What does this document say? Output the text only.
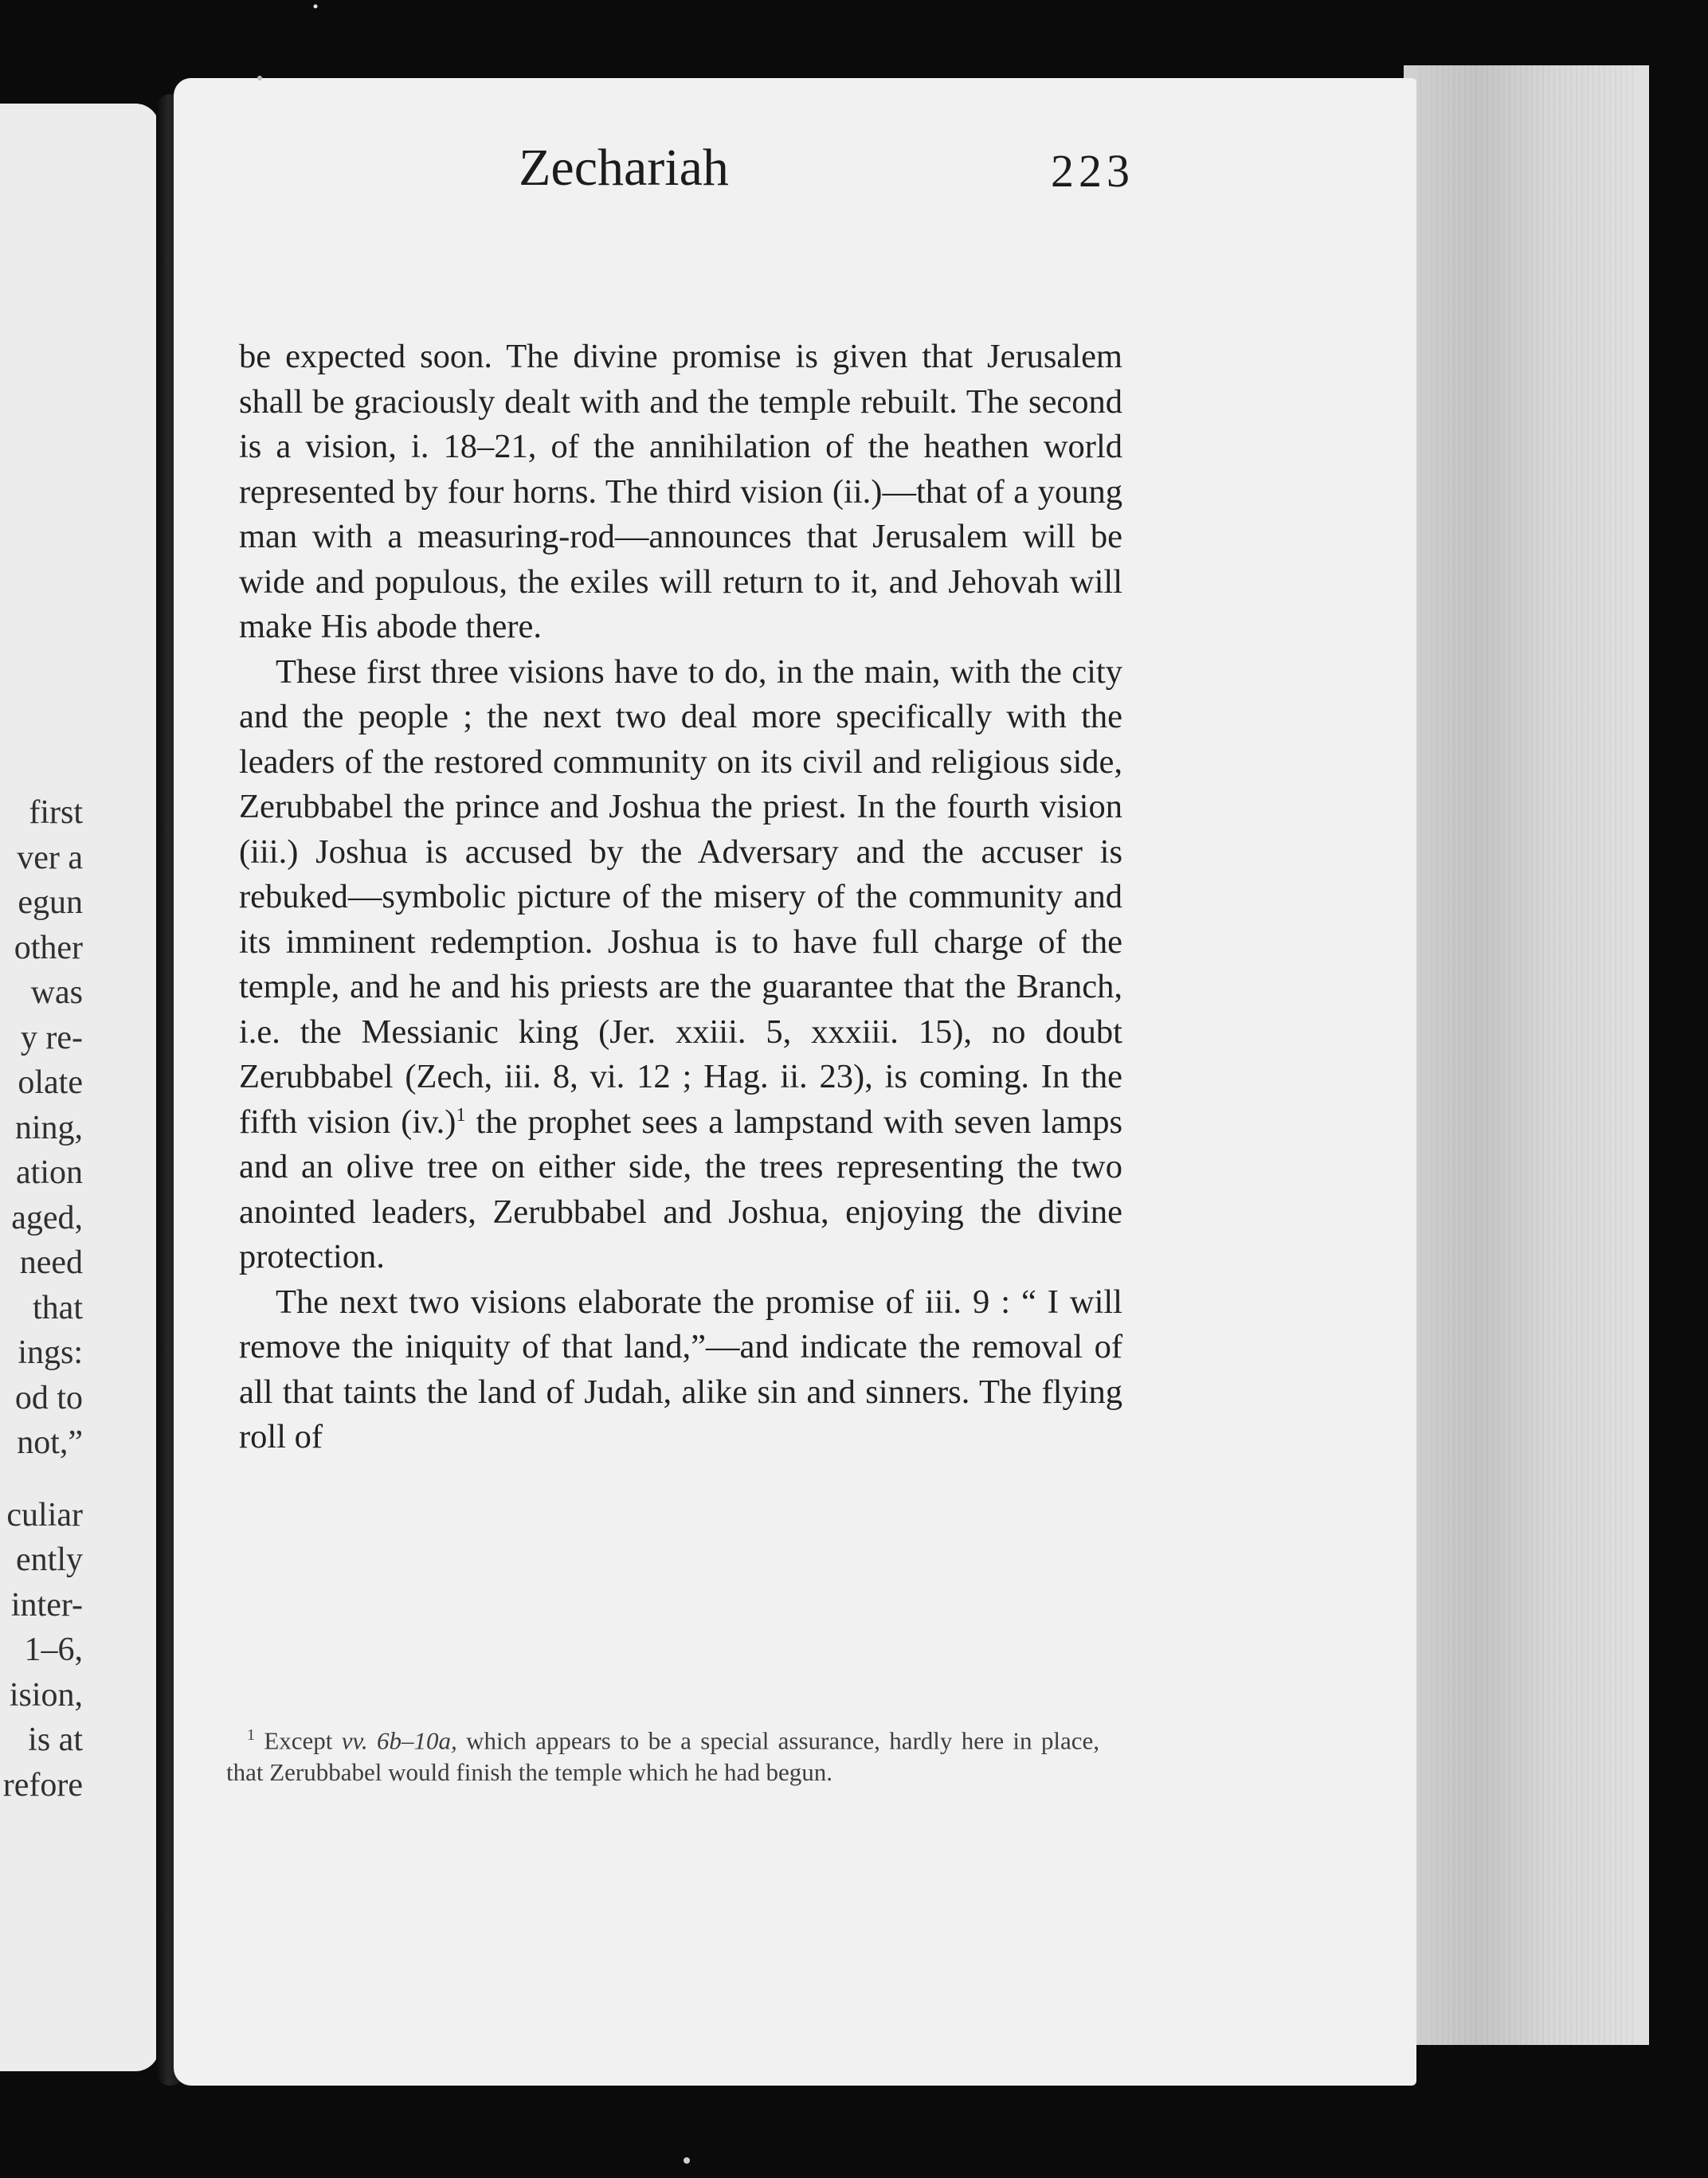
first
ver a
egun
other
was
y re-
olate
ning,
ation
aged,
need
that
ings:
od to
not,”
culiar
ently
inter-
1–6,
ision,
is at
refore
Zechariah	223

be expected soon. The divine promise is given that Jerusalem shall be graciously dealt with and the temple rebuilt. The second is a vision, i. 18–21, of the annihilation of the heathen world represented by four horns. The third vision (ii.)—that of a young man with a measuring-rod—announces that Jerusalem will be wide and populous, the exiles will return to it, and Jehovah will make His abode there.

These first three visions have to do, in the main, with the city and the people ; the next two deal more specifically with the leaders of the restored community on its civil and religious side, Zerubbabel the prince and Joshua the priest. In the fourth vision (iii.) Joshua is accused by the Adversary and the accuser is rebuked—symbolic picture of the misery of the community and its imminent redemption. Joshua is to have full charge of the temple, and he and his priests are the guarantee that the Branch, i.e. the Messianic king (Jer. xxiii. 5, xxxiii. 15), no doubt Zerubbabel (Zech, iii. 8, vi. 12 ; Hag. ii. 23), is coming. In the fifth vision (iv.)$^1$ the prophet sees a lampstand with seven lamps and an olive tree on either side, the trees representing the two anointed leaders, Zerubbabel and Joshua, enjoying the divine protection.

The next two visions elaborate the promise of iii. 9 : “ I will remove the iniquity of that land,”—and indicate the removal of all that taints the land of Judah, alike sin and sinners. The flying roll of

$^1$ Except vv. 6b–10a, which appears to be a special assurance, hardly here in place, that Zerubbabel would finish the temple which he had begun.
